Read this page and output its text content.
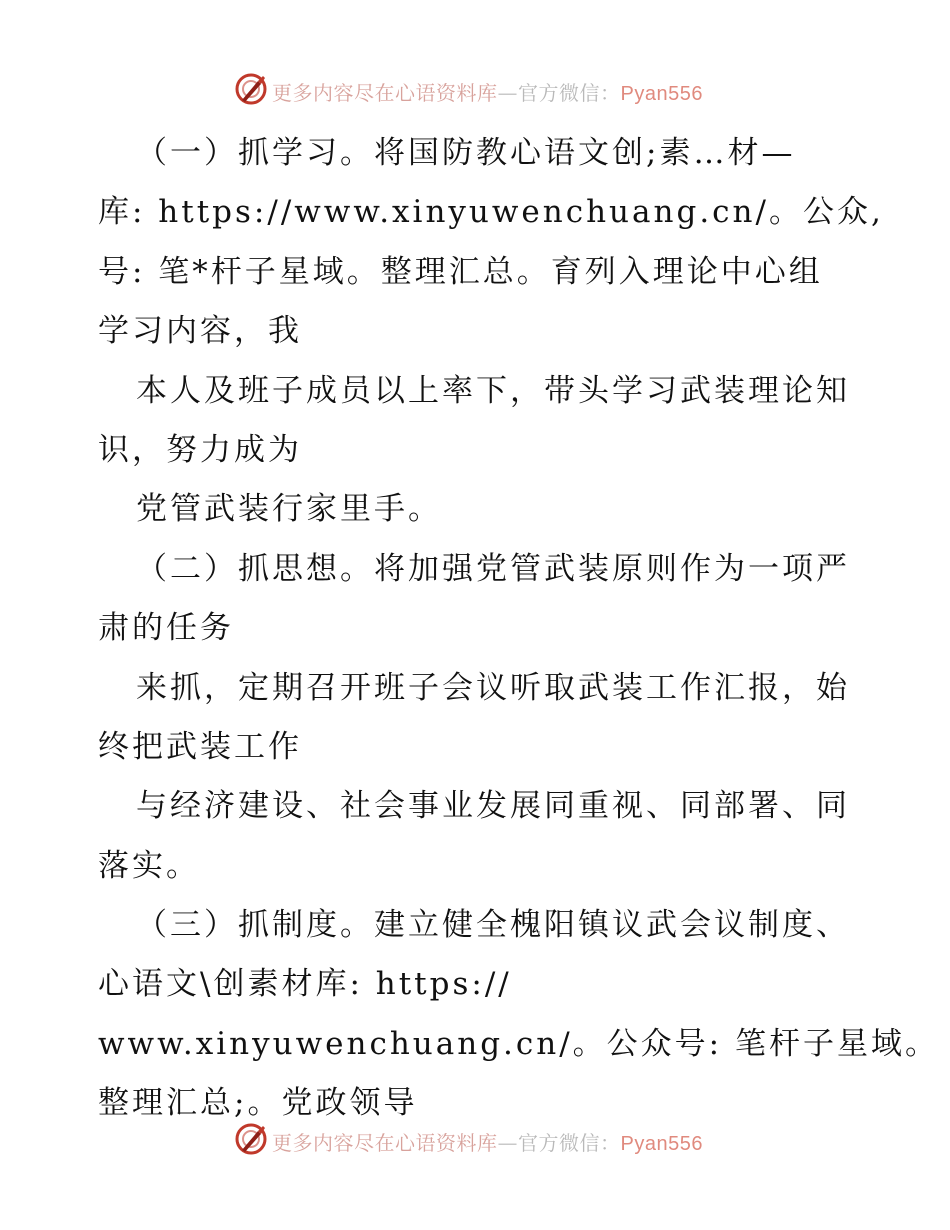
更多内容尽在心语资料库—官方微信：Pyan556
（一）抓学习。将国防教心语文创;素…材—
库: https://www.xinyuwenchuang.cn/。公众,
号: 笔*杆子星域。整理汇总。育列入理论中心组
学习内容，我
本人及班子成员以上率下，带头学习武装理论知
识，努力成为
党管武装行家里手。
（二）抓思想。将加强党管武装原则作为一项严
肃的任务
来抓，定期召开班子会议听取武装工作汇报，始
终把武装工作
与经济建设、社会事业发展同重视、同部署、同
落实。
（三）抓制度。建立健全槐阳镇议武会议制度、
心语文\创素材库: https://
www.xinyuwenchuang.cn/。公众号: 笔杆子星域。
整理汇总;。党政领导
更多内容尽在心语资料库—官方微信：Pyan556
